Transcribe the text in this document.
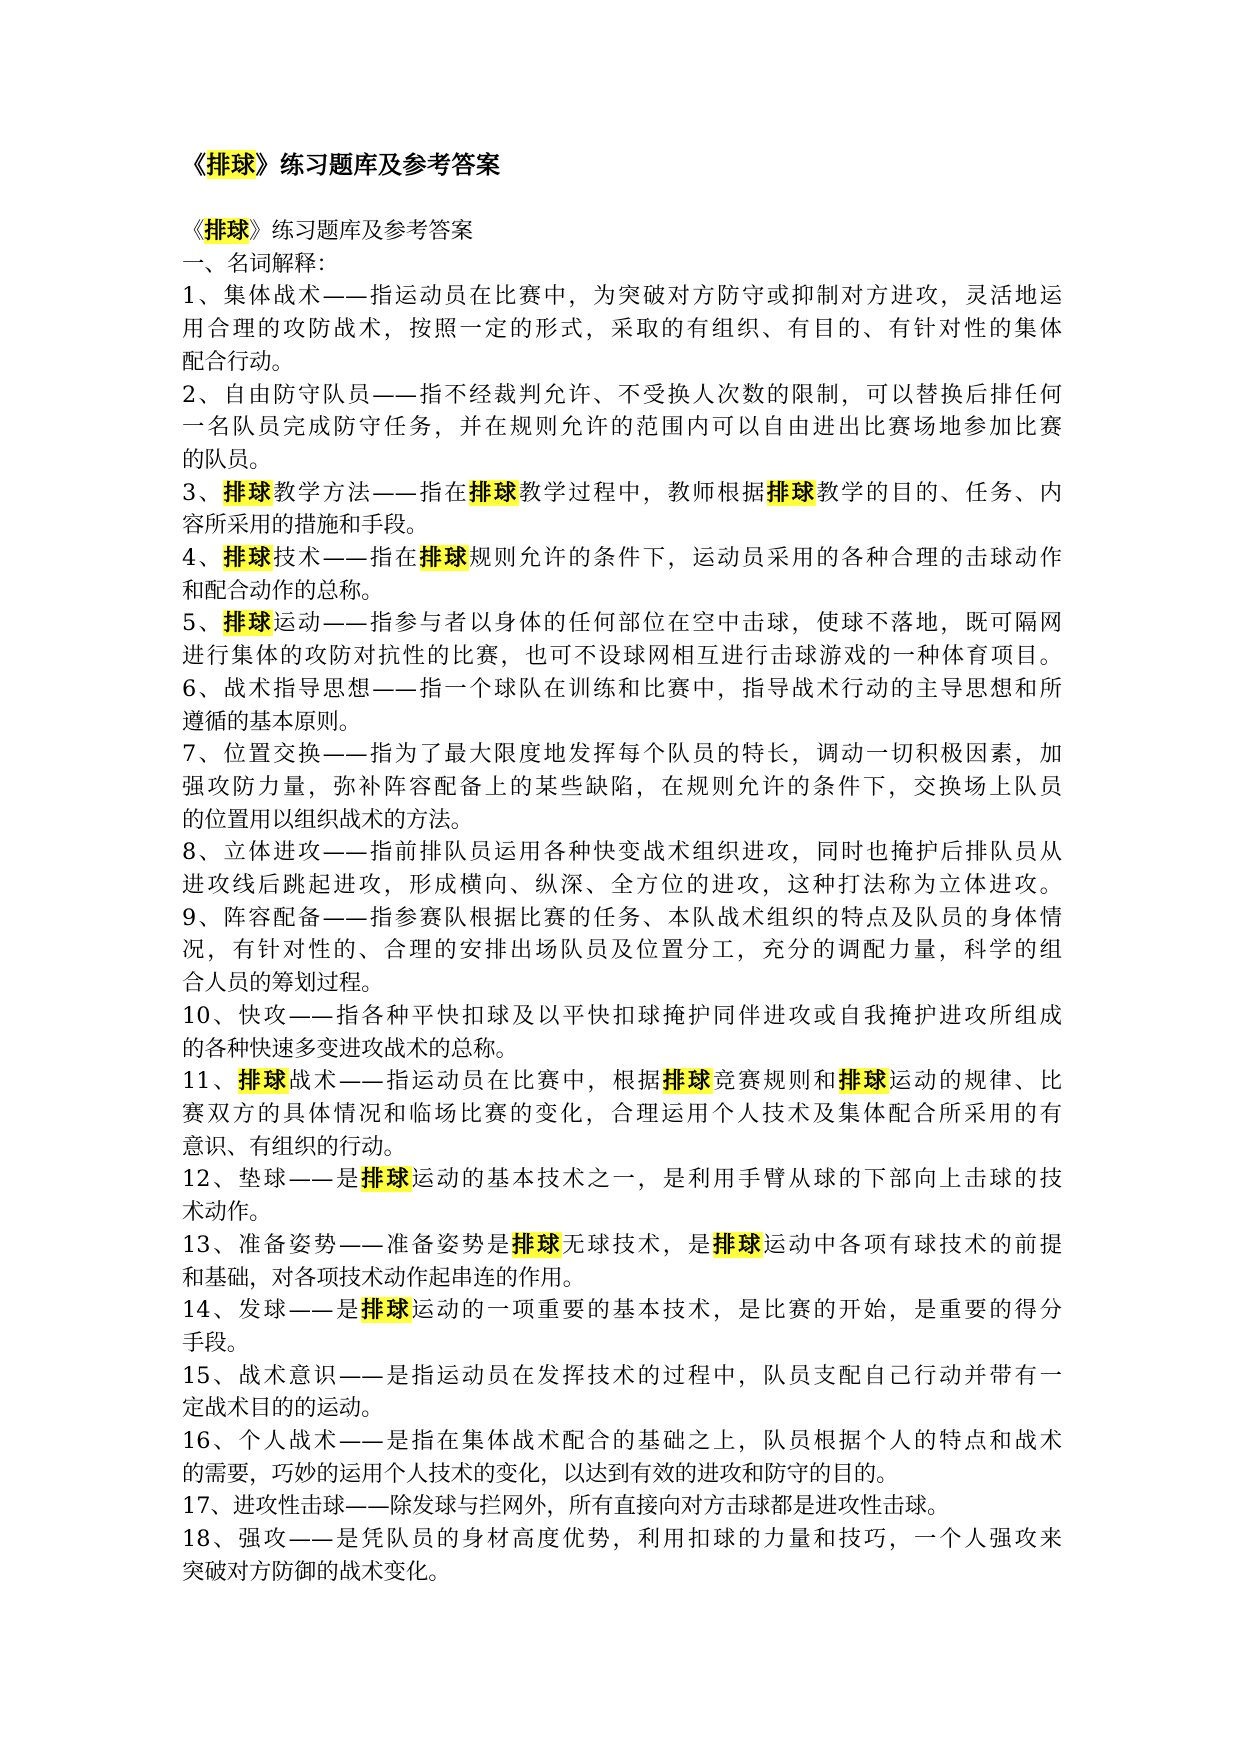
《排球》练习题库及参考答案
《排球》练习题库及参考答案
一、名词解释：
1、集体战术——指运动员在比赛中，为突破对方防守或抑制对方进攻，灵活地运
用合理的攻防战术，按照一定的形式，采取的有组织、有目的、有针对性的集体
配合行动。
2、自由防守队员——指不经裁判允许、不受换人次数的限制，可以替换后排任何
一名队员完成防守任务，并在规则允许的范围内可以自由进出比赛场地参加比赛
的队员。
3、排球教学方法——指在排球教学过程中，教师根据排球教学的目的、任务、内
容所采用的措施和手段。
4、排球技术——指在排球规则允许的条件下，运动员采用的各种合理的击球动作
和配合动作的总称。
5、排球运动——指参与者以身体的任何部位在空中击球，使球不落地，既可隔网
进行集体的攻防对抗性的比赛，也可不设球网相互进行击球游戏的一种体育项目。
6、战术指导思想——指一个球队在训练和比赛中，指导战术行动的主导思想和所
遵循的基本原则。
7、位置交换——指为了最大限度地发挥每个队员的特长，调动一切积极因素，加
强攻防力量，弥补阵容配备上的某些缺陷，在规则允许的条件下，交换场上队员
的位置用以组织战术的方法。
8、立体进攻——指前排队员运用各种快变战术组织进攻，同时也掩护后排队员从
进攻线后跳起进攻，形成横向、纵深、全方位的进攻，这种打法称为立体进攻。
9、阵容配备——指参赛队根据比赛的任务、本队战术组织的特点及队员的身体情
况，有针对性的、合理的安排出场队员及位置分工，充分的调配力量，科学的组
合人员的筹划过程。
10、快攻——指各种平快扣球及以平快扣球掩护同伴进攻或自我掩护进攻所组成
的各种快速多变进攻战术的总称。
11、排球战术——指运动员在比赛中，根据排球竞赛规则和排球运动的规律、比
赛双方的具体情况和临场比赛的变化，合理运用个人技术及集体配合所采用的有
意识、有组织的行动。
12、垫球——是排球运动的基本技术之一，是利用手臂从球的下部向上击球的技
术动作。
13、准备姿势——准备姿势是排球无球技术，是排球运动中各项有球技术的前提
和基础，对各项技术动作起串连的作用。
14、发球——是排球运动的一项重要的基本技术，是比赛的开始，是重要的得分
手段。
15、战术意识——是指运动员在发挥技术的过程中，队员支配自己行动并带有一
定战术目的的运动。
16、个人战术——是指在集体战术配合的基础之上，队员根据个人的特点和战术
的需要，巧妙的运用个人技术的变化，以达到有效的进攻和防守的目的。
17、进攻性击球——除发球与拦网外，所有直接向对方击球都是进攻性击球。
18、强攻——是凭队员的身材高度优势，利用扣球的力量和技巧，一个人强攻来
突破对方防御的战术变化。
